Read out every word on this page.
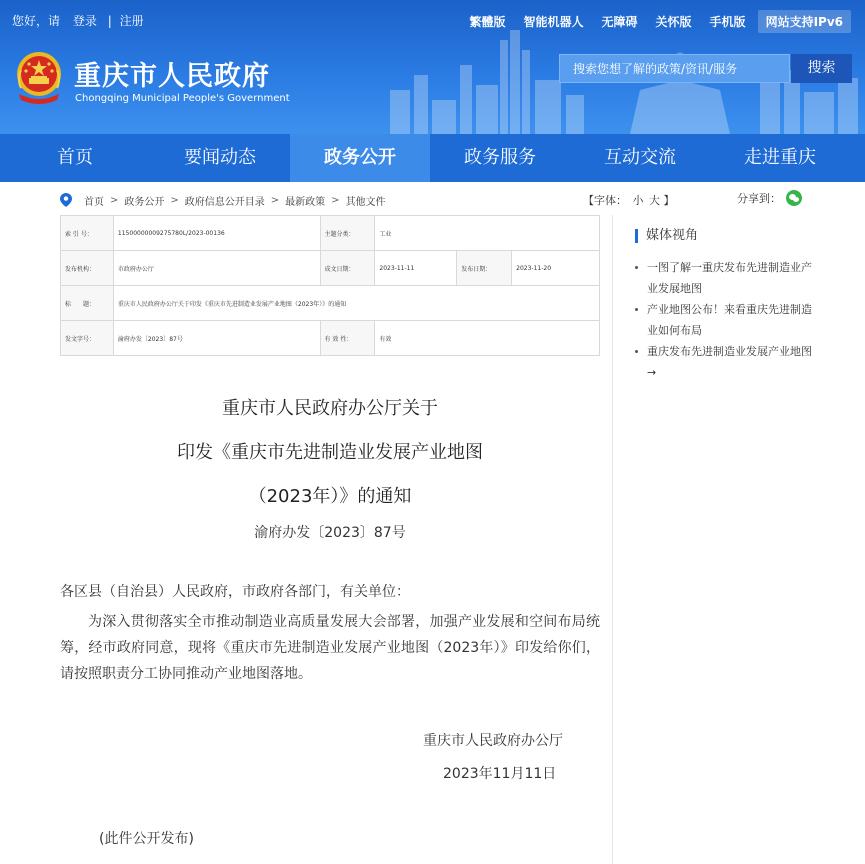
您好，请 登录 | 注册	繁體版 智能机器人 无障碍 关怀版 手机版	网站支持IPv6
重庆市人民政府
Chongqing Municipal People's Government
搜索您想了解的政策/资讯/服务	搜索
首页	要闻动态	政务公开	政务服务	互动交流	走进重庆
首页 > 政务公开 > 政府信息公开目录 > 最新政策 > 其他文件	【字体： 小 大 】	分享到：
索 引 号：	11500000009275780L/2023-00136	主题分类：	工业		
发布机构：	市政府办公厅	成文日期：	2023-11-11	发布日期：	2023-11-20
标　　题：	重庆市人民政府办公厅关于印发《重庆市先进制造业发展产业地图（2023年）》的通知				
发文字号：	渝府办发〔2023〕87号	有 效 性：	有效		
重庆市人民政府办公厅关于
印发《重庆市先进制造业发展产业地图
（2023年）》的通知
渝府办发〔2023〕87号
各区县（自治县）人民政府，市政府各部门，有关单位：
为深入贯彻落实全市推动制造业高质量发展大会部署，加强产业发展和空间布局统筹，经市政府同意，现将《重庆市先进制造业发展产业地图（2023年）》印发给你们，请按照职责分工协同推动产业地图落地。
重庆市人民政府办公厅
2023年11月11日
(此件公开发布)
媒体视角
一图了解一重庆发布先进制造业产业发展地图
产业地图公布！来看重庆先进制造业如何布局
重庆发布先进制造业发展产业地图→
